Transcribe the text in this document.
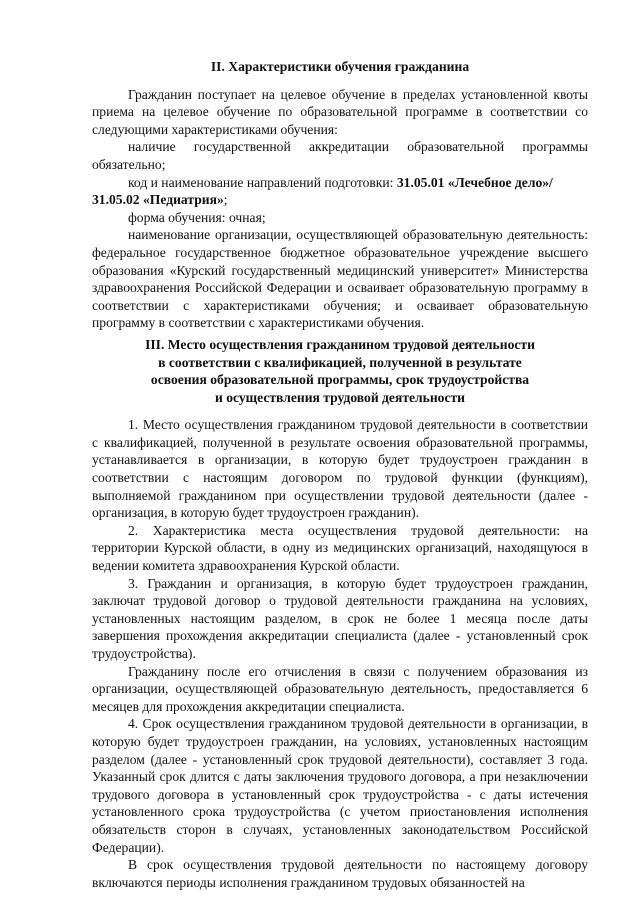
II. Характеристики обучения гражданина

Гражданин поступает на целевое обучение в пределах установленной квоты приема на целевое обучение по образовательной программе в соответствии со следующими характеристиками обучения:

наличие государственной аккредитации образовательной программы обязательно;

код и наименование направлений подготовки: 31.05.01 «Лечебное дело»/
31.05.02 «Педиатрия»;

форма обучения: очная;

наименование организации, осуществляющей образовательную деятельность: федеральное государственное бюджетное образовательное учреждение высшего образования «Курский государственный медицинский университет» Министерства здравоохранения Российской Федерации и осваивает образовательную программу в соответствии с характеристиками обучения; и осваивает образовательную программу в соответствии с характеристиками обучения.

III. Место осуществления гражданином трудовой деятельности
в соответствии с квалификацией, полученной в результате
освоения образовательной программы, срок трудоустройства
и осуществления трудовой деятельности

1. Место осуществления гражданином трудовой деятельности в соответствии с квалификацией, полученной в результате освоения образовательной программы, устанавливается в организации, в которую будет трудоустроен гражданин в соответствии с настоящим договором по трудовой функции (функциям), выполняемой гражданином при осуществлении трудовой деятельности (далее - организация, в которую будет трудоустроен гражданин).

2. Характеристика места осуществления трудовой деятельности: на территории Курской области, в одну из медицинских организаций, находящуюся в ведении комитета здравоохранения Курской области.

3. Гражданин и организация, в которую будет трудоустроен гражданин, заключат трудовой договор о трудовой деятельности гражданина на условиях, установленных настоящим разделом, в срок не более 1 месяца после даты завершения прохождения аккредитации специалиста (далее - установленный срок трудоустройства).

Гражданину после его отчисления в связи с получением образования из организации, осуществляющей образовательную деятельность, предоставляется 6 месяцев для прохождения аккредитации специалиста.

4. Срок осуществления гражданином трудовой деятельности в организации, в которую будет трудоустроен гражданин, на условиях, установленных настоящим разделом (далее - установленный срок трудовой деятельности), составляет 3 года. Указанный срок длится с даты заключения трудового договора, а при незаключении трудового договора в установленный срок трудоустройства - с даты истечения установленного срока трудоустройства (с учетом приостановления исполнения обязательств сторон в случаях, установленных законодательством Российской Федерации).

В срок осуществления трудовой деятельности по настоящему договору включаются периоды исполнения гражданином трудовых обязанностей на
